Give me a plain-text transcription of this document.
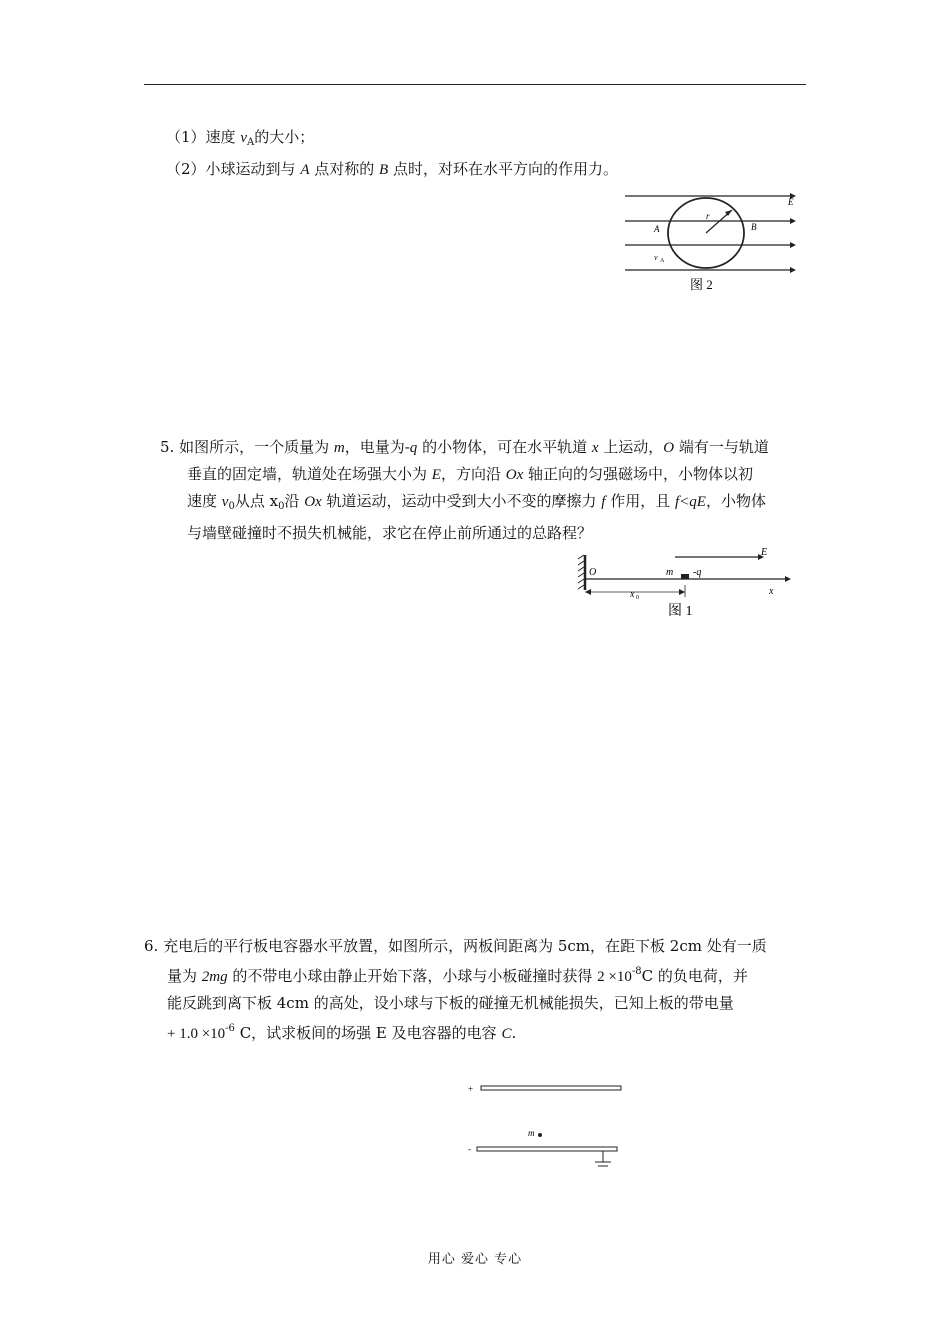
（1）速度 $v_A$的大小；
（2）小球运动到与 A 点对称的 B 点时，对环在水平方向的作用力。
E
r
A	B
v A
图 2
5. 如图所示，一个质量为 m，电量为-q 的小物体，可在水平轨道 x 上运动，O 端有一与轨道
垂直的固定墙，轨道处在场强大小为 E，方向沿 Ox 轴正向的匀强磁场中，小物体以初
速度 $v_0$从点 $x_0$沿 Ox 轨道运动，运动中受到大小不变的摩擦力 f 作用，且 f<qE，小物体
与墙壁碰撞时不损失机械能，求它在停止前所通过的总路程？
O	m -q
E
x
x 0
图 1
6. 充电后的平行板电容器水平放置，如图所示，两板间距离为 5cm，在距下板 2cm 处有一质
量为 2mg 的不带电小球由静止开始下落，小球与小板碰撞时获得 $2 \times 10^{-8}C$ 的负电荷，并
能反跳到离下板 4cm 的高处，设小球与下板的碰撞无机械能损失，已知上板的带电量
+ $1.0 \times 10^{-6}$ C，试求板间的场强 E 及电容器的电容 C.
+
-
m
用心 爱心 专心
